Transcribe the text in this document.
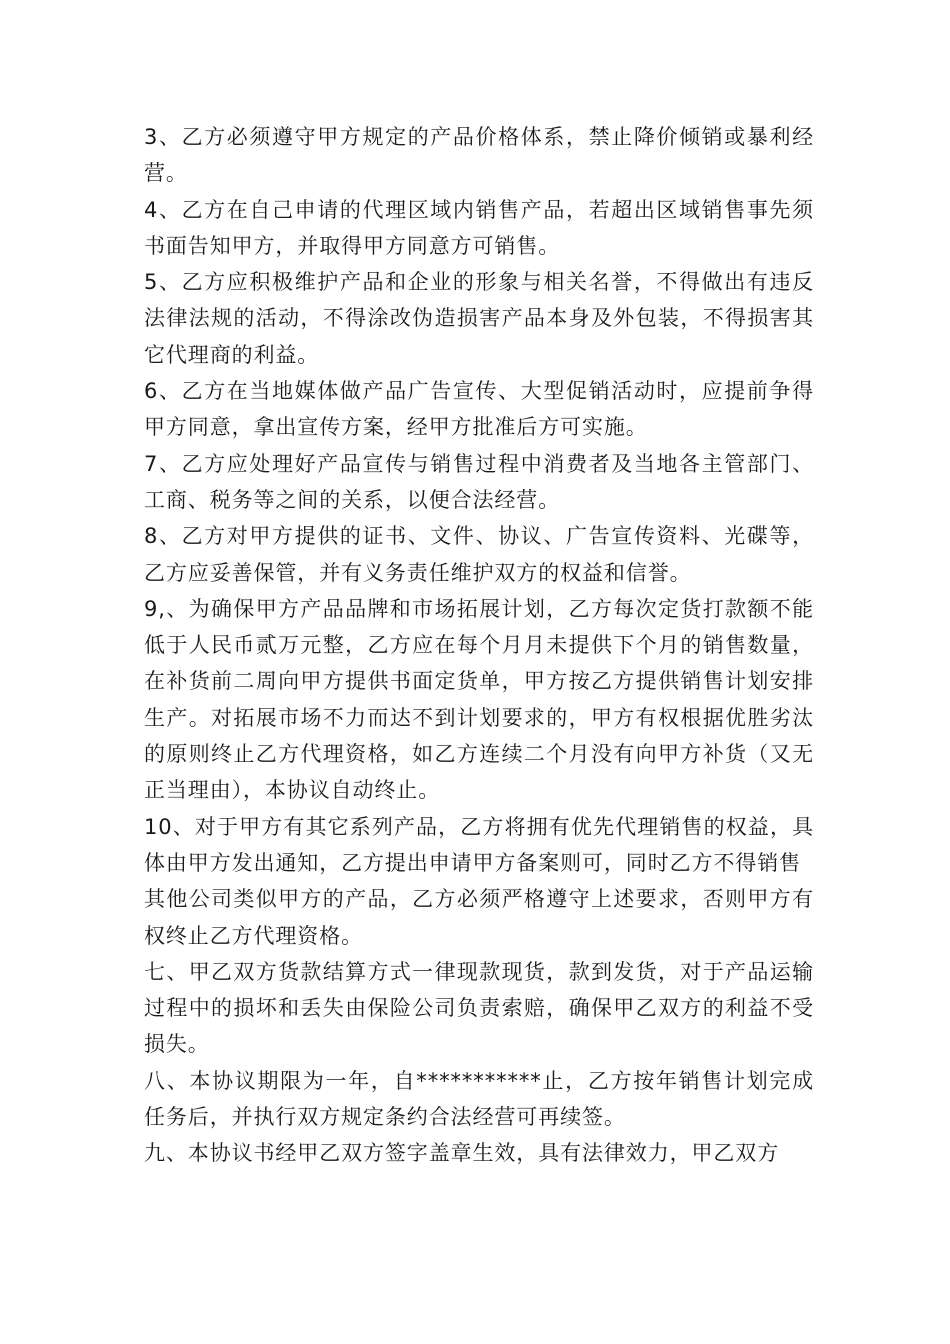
3、乙方必须遵守甲方规定的产品价格体系，禁止降价倾销或暴利经营。

4、乙方在自己申请的代理区域内销售产品，若超出区域销售事先须书面告知甲方，并取得甲方同意方可销售。

5、乙方应积极维护产品和企业的形象与相关名誉，不得做出有违反法律法规的活动，不得涂改伪造损害产品本身及外包装，不得损害其它代理商的利益。

6、乙方在当地媒体做产品广告宣传、大型促销活动时，应提前争得甲方同意，拿出宣传方案，经甲方批准后方可实施。

7、乙方应处理好产品宣传与销售过程中消费者及当地各主管部门、工商、税务等之间的关系，以便合法经营。

8、乙方对甲方提供的证书、文件、协议、广告宣传资料、光碟等，乙方应妥善保管，并有义务责任维护双方的权益和信誉。

9,、为确保甲方产品品牌和市场拓展计划，乙方每次定货打款额不能低于人民币贰万元整，乙方应在每个月月未提供下个月的销售数量，在补货前二周向甲方提供书面定货单，甲方按乙方提供销售计划安排生产。对拓展市场不力而达不到计划要求的，甲方有权根据优胜劣汰的原则终止乙方代理资格，如乙方连续二个月没有向甲方补货（又无正当理由），本协议自动终止。

10、对于甲方有其它系列产品，乙方将拥有优先代理销售的权益，具体由甲方发出通知，乙方提出申请甲方备案则可，同时乙方不得销售

其他公司类似甲方的产品，乙方必须严格遵守上述要求，否则甲方有权终止乙方代理资格。

七、甲乙双方货款结算方式一律现款现货，款到发货，对于产品运输过程中的损坏和丢失由保险公司负责索赔，确保甲乙双方的利益不受损失。

八、本协议期限为一年，自***********止，乙方按年销售计划完成任务后，并执行双方规定条约合法经营可再续签。

九、本协议书经甲乙双方签字盖章生效，具有法律效力，甲乙双方
